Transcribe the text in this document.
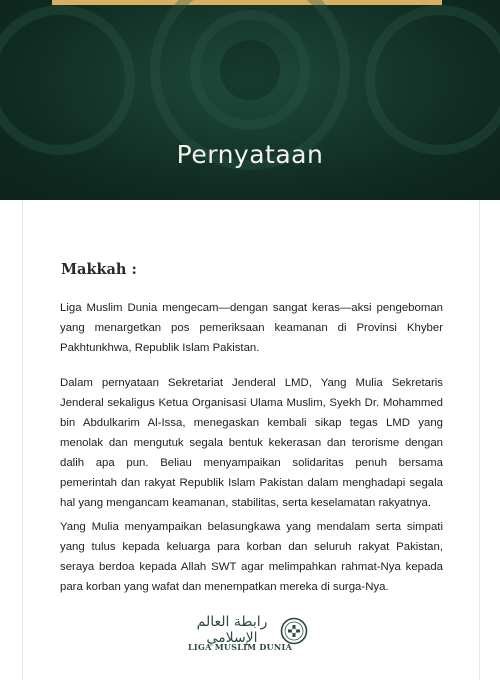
Pernyataan
Makkah :

Liga Muslim Dunia mengecam—dengan sangat keras—aksi pengeboman yang menargetkan pos pemeriksaan keamanan di Provinsi Khyber Pakhtunkhwa, Republik Islam Pakistan.

Dalam pernyataan Sekretariat Jenderal LMD, Yang Mulia Sekretaris Jenderal sekaligus Ketua Organisasi Ulama Muslim, Syekh Dr. Mohammed bin Abdulkarim Al-Issa, menegaskan kembali sikap tegas LMD yang menolak dan mengutuk segala bentuk kekerasan dan terorisme dengan dalih apa pun. Beliau menyampaikan solidaritas penuh bersama pemerintah dan rakyat Republik Islam Pakistan dalam menghadapi segala hal yang mengancam keamanan, stabilitas, serta keselamatan rakyatnya.

Yang Mulia menyampaikan belasungkawa yang mendalam serta simpati yang tulus kepada keluarga para korban dan seluruh rakyat Pakistan, seraya berdoa kepada Allah SWT agar melimpahkan rahmat-Nya kepada para korban yang wafat dan menempatkan mereka di surga-Nya.

رابطة العالم الإسلامي
LIGA MUSLIM DUNIA
